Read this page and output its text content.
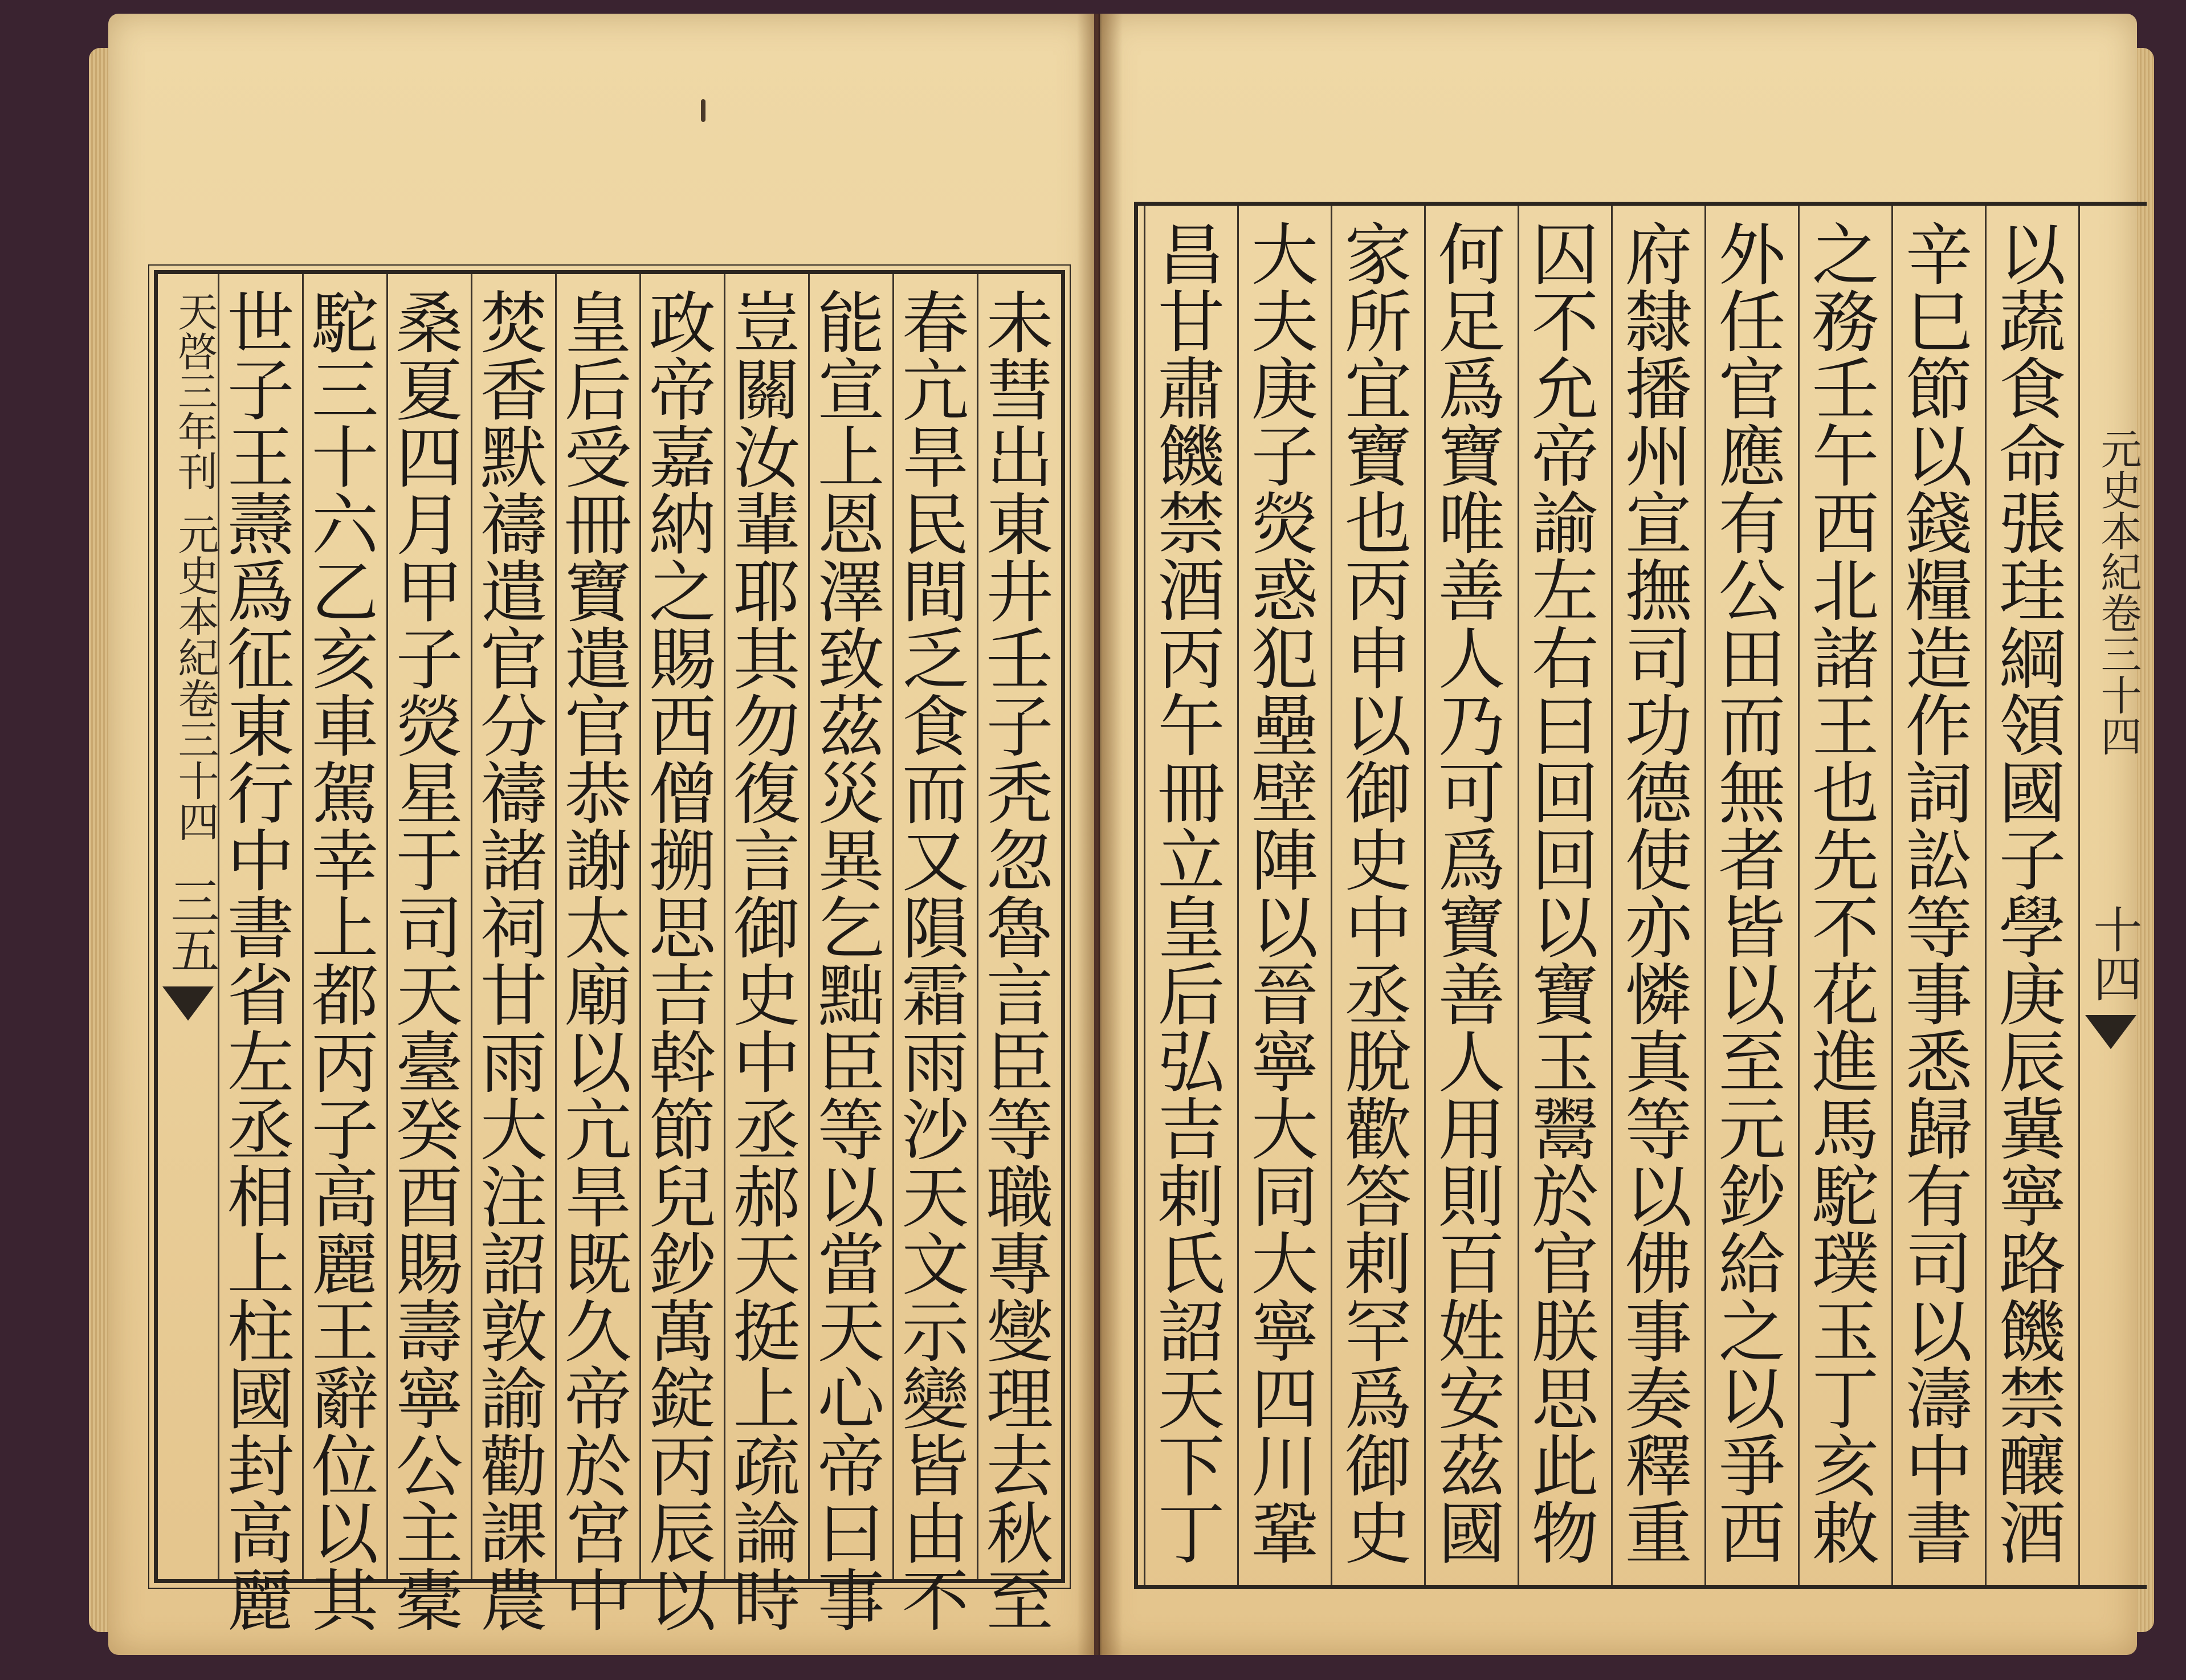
天啓三年刊
元史本紀卷三十四
三五
未
彗
出
東
井
壬
子
秃
忽
魯
言
臣
等
職
專
燮
理
去
秋
至
春
亢
旱
民
間
乏
食
而
又
隕
霜
雨
沙
天
文
示
變
皆
由
不
能
宣
上
恩
澤
致
茲
災
異
乞
黜
臣
等
以
當
天
心
帝
曰
事
豈
關
汝
輩
耶
其
勿
復
言
御
史
中
丞
郝
天
挺
上
疏
論
時
政
帝
嘉
納
之
賜
西
僧
搠
思
吉
斡
節
兒
鈔
萬
錠
丙
辰
以
皇
后
受
冊
寶
遣
官
恭
謝
太
廟
以
亢
旱
既
久
帝
於
宮
中
焚
香
默
禱
遣
官
分
禱
諸
祠
甘
雨
大
注
詔
敦
諭
勸
課
農
桑
夏
四
月
甲
子
熒
星
于
司
天
臺
癸
酉
賜
壽
寧
公
主
橐
駝
三
十
六
乙
亥
車
駕
幸
上
都
丙
子
高
麗
王
辭
位
以
其
世
子
王
燾
爲
征
東
行
中
書
省
左
丞
相
上
柱
國
封
高
麗
元史本紀卷三十四
十四
以
蔬
食
命
張
珪
綱
領
國
子
學
庚
辰
冀
寧
路
饑
禁
釀
酒
辛
巳
節
以
錢
糧
造
作
詞
訟
等
事
悉
歸
有
司
以
濤
中
書
之
務
壬
午
西
北
諸
王
也
先
不
花
進
馬
駝
璞
玉
丁
亥
敕
外
任
官
應
有
公
田
而
無
者
皆
以
至
元
鈔
給
之
以
爭
西
府
隸
播
州
宣
撫
司
功
德
使
亦
憐
真
等
以
佛
事
奏
釋
重
囚
不
允
帝
諭
左
右
曰
回
回
以
寶
玉
鬻
於
官
朕
思
此
物
何
足
爲
寶
唯
善
人
乃
可
爲
寶
善
人
用
則
百
姓
安
茲
國
家
所
宜
寶
也
丙
申
以
御
史
中
丞
脫
歡
答
剌
罕
爲
御
史
大
夫
庚
子
熒
惑
犯
壘
壁
陣
以
晉
寧
大
同
大
寧
四
川
鞏
昌
甘
肅
饑
禁
酒
丙
午
冊
立
皇
后
弘
吉
剌
氏
詔
天
下
丁
